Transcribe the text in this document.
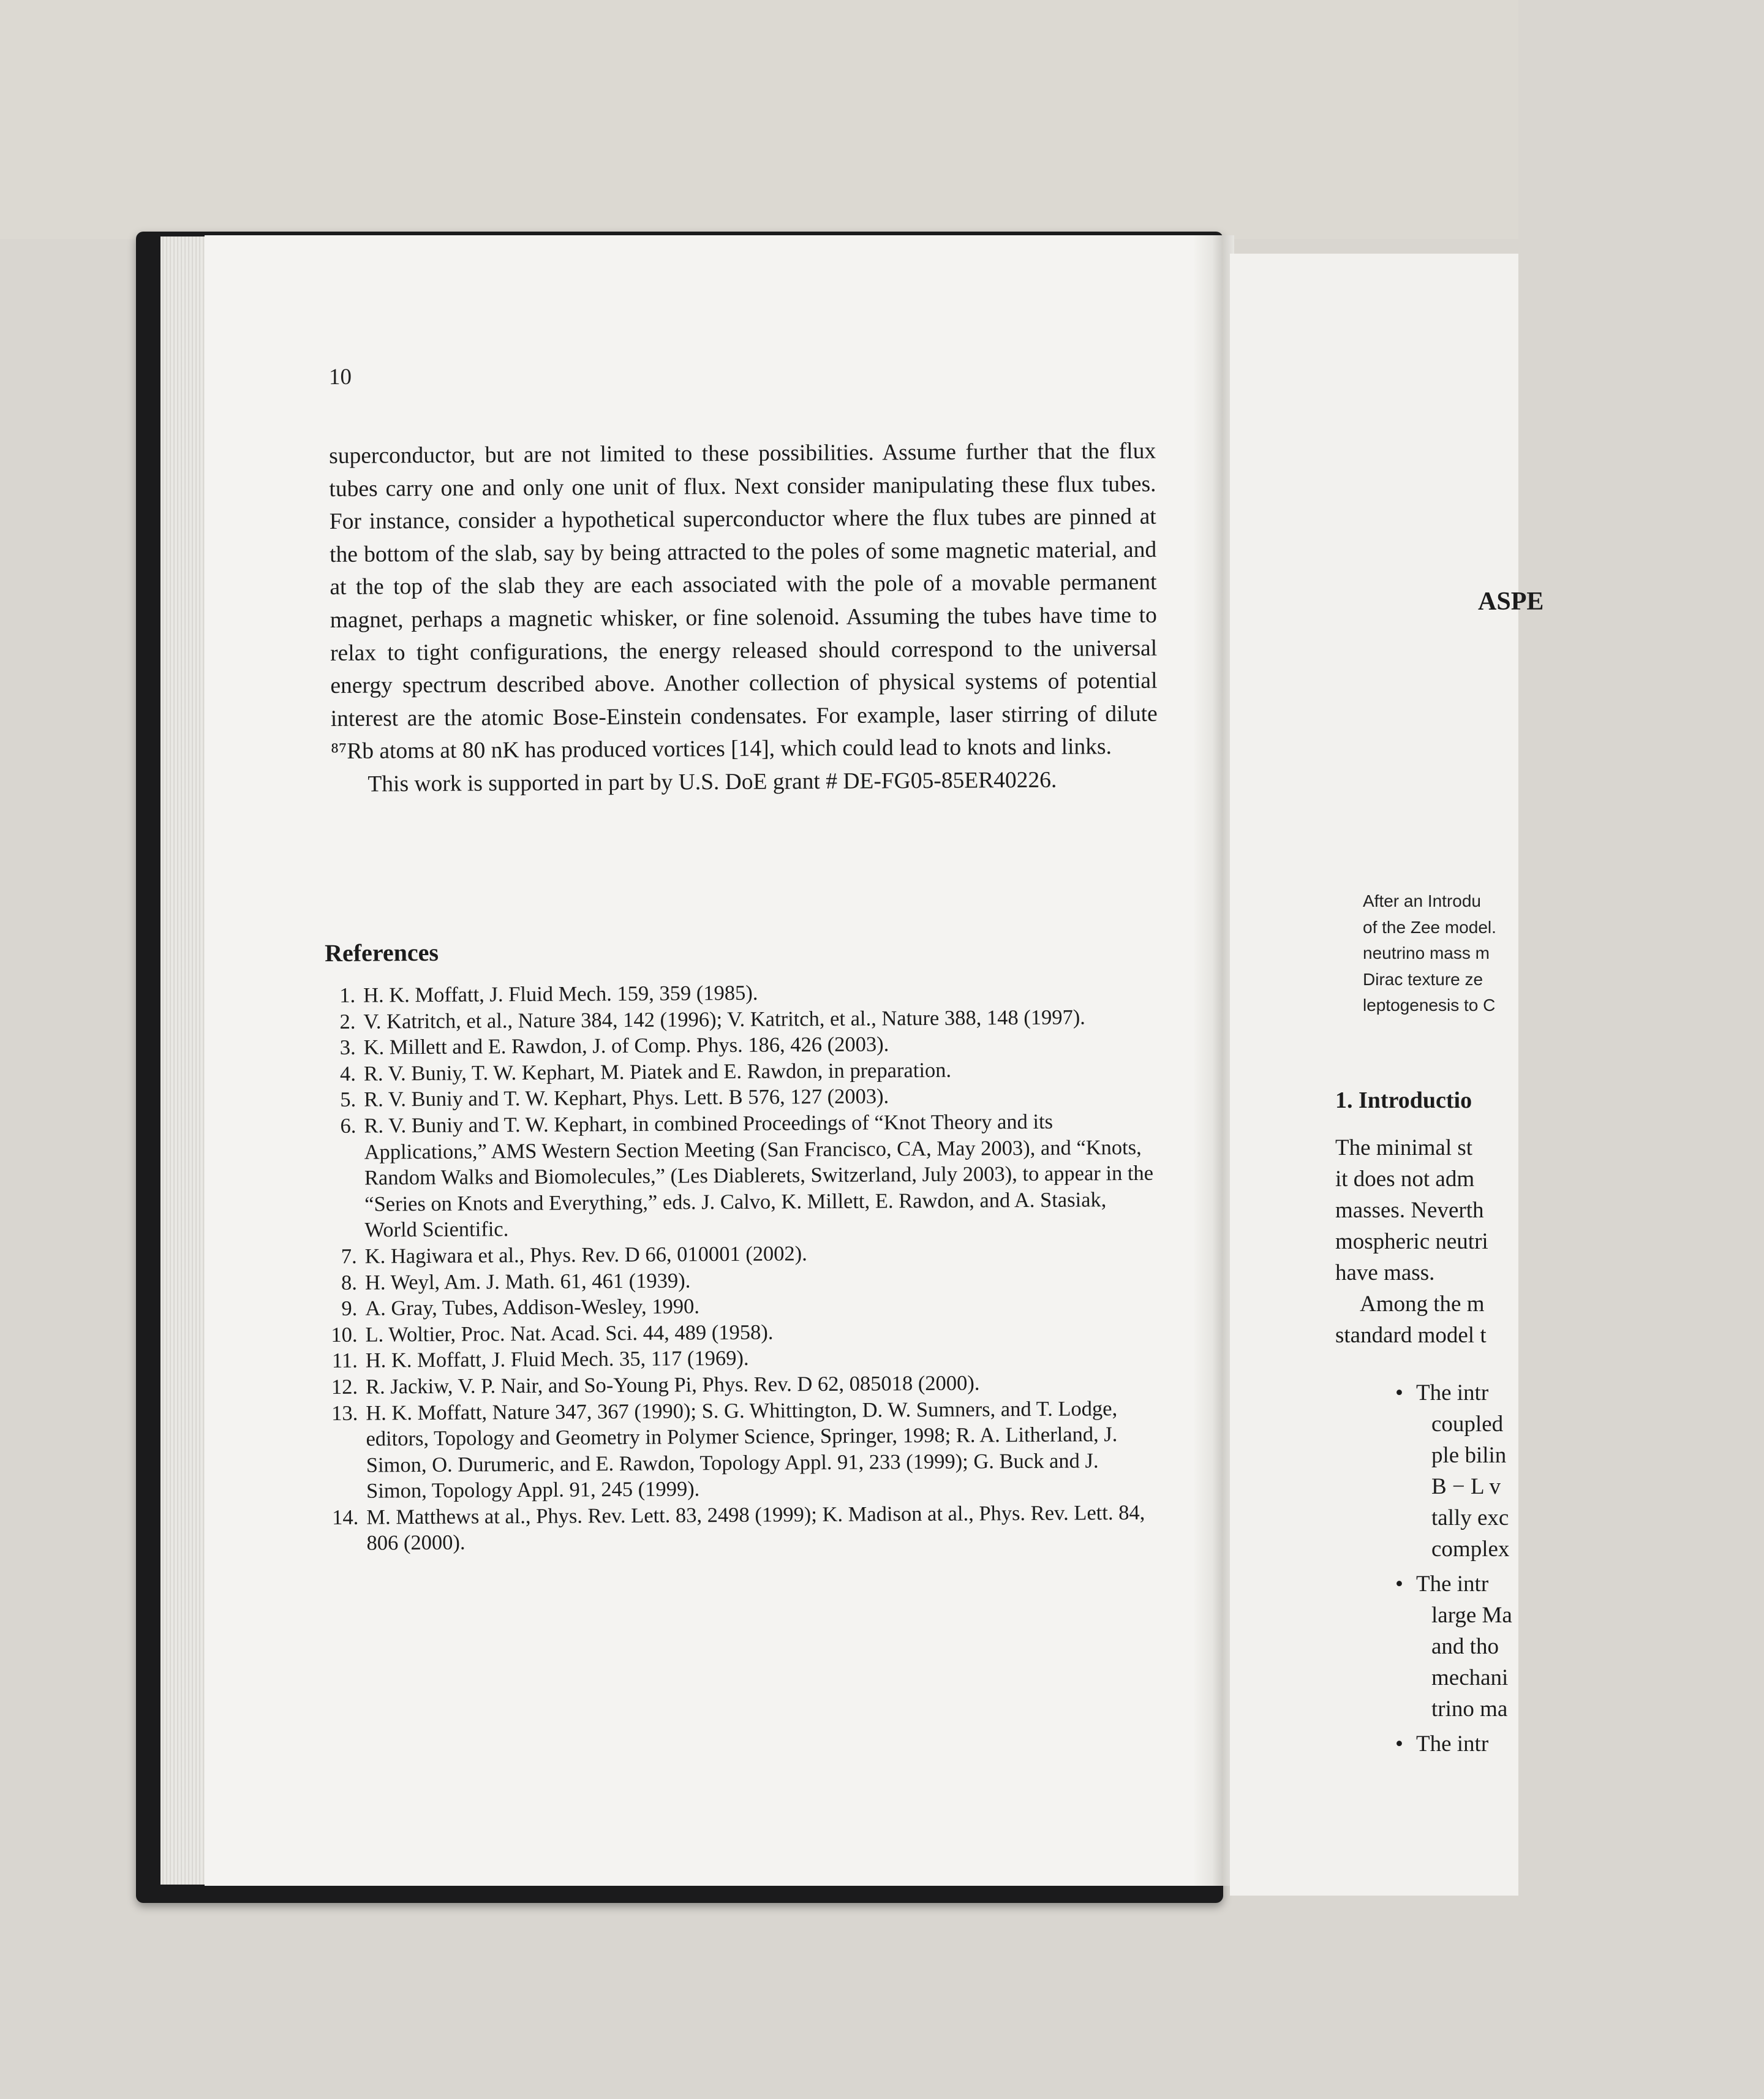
10

superconductor, but are not limited to these possibilities. Assume further that the flux tubes carry one and only one unit of flux. Next consider manipulating these flux tubes. For instance, consider a hypothetical superconductor where the flux tubes are pinned at the bottom of the slab, say by being attracted to the poles of some magnetic material, and at the top of the slab they are each associated with the pole of a movable permanent magnet, perhaps a magnetic whisker, or fine solenoid. Assuming the tubes have time to relax to tight configurations, the energy released should correspond to the universal energy spectrum described above. Another collection of physical systems of potential interest are the atomic Bose-Einstein condensates. For example, laser stirring of dilute ⁸⁷Rb atoms at 80 nK has produced vortices [14], which could lead to knots and links.

This work is supported in part by U.S. DoE grant # DE-FG05-85ER40226.

References
1. H. K. Moffatt, J. Fluid Mech. 159, 359 (1985).
2. V. Katritch, et al., Nature 384, 142 (1996); V. Katritch, et al., Nature 388, 148 (1997).
3. K. Millett and E. Rawdon, J. of Comp. Phys. 186, 426 (2003).
4. R. V. Buniy, T. W. Kephart, M. Piatek and E. Rawdon, in preparation.
5. R. V. Buniy and T. W. Kephart, Phys. Lett. B 576, 127 (2003).
6. R. V. Buniy and T. W. Kephart, in combined Proceedings of “Knot Theory and its Applications,” AMS Western Section Meeting (San Francisco, CA, May 2003), and “Knots, Random Walks and Biomolecules,” (Les Diablerets, Switzerland, July 2003), to appear in the “Series on Knots and Everything,” eds. J. Calvo, K. Millett, E. Rawdon, and A. Stasiak, World Scientific.
7. K. Hagiwara et al., Phys. Rev. D 66, 010001 (2002).
8. H. Weyl, Am. J. Math. 61, 461 (1939).
9. A. Gray, Tubes, Addison-Wesley, 1990.
10. L. Woltier, Proc. Nat. Acad. Sci. 44, 489 (1958).
11. H. K. Moffatt, J. Fluid Mech. 35, 117 (1969).
12. R. Jackiw, V. P. Nair, and So-Young Pi, Phys. Rev. D 62, 085018 (2000).
13. H. K. Moffatt, Nature 347, 367 (1990); S. G. Whittington, D. W. Sumners, and T. Lodge, editors, Topology and Geometry in Polymer Science, Springer, 1998; R. A. Litherland, J. Simon, O. Durumeric, and E. Rawdon, Topology Appl. 91, 233 (1999); G. Buck and J. Simon, Topology Appl. 91, 245 (1999).
14. M. Matthews at al., Phys. Rev. Lett. 83, 2498 (1999); K. Madison at al., Phys. Rev. Lett. 84, 806 (2000).
ASPE
After an Introdu
of the Zee model.
neutrino mass m
Dirac texture ze
leptogenesis to C
1. Introductio
The minimal st
it does not adm
masses. Neverth
mospheric neutri
have mass.
Among the m
standard model t
• The intr
coupled
ple bilin
B − L v
tally exc
complex
• The intr
large Ma
and tho
mechani
trino ma
• The intr
